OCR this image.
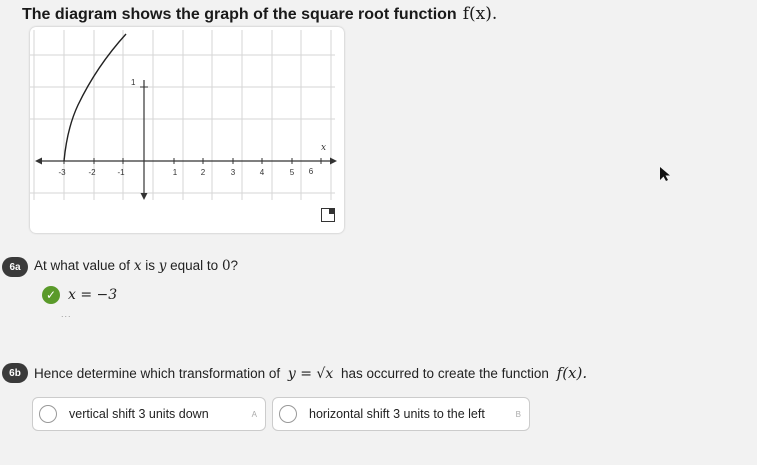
The diagram shows the graph of the square root function f(x).
1
-3	-2	-1	1	2	3	4	5 6
x
6a At what value of x is y equal to 0?
✓ x = −3
...
6b Hence determine which transformation of y = √x has occurred to create the function f(x).
vertical shift 3 units down	A	horizontal shift 3 units to the left	B
